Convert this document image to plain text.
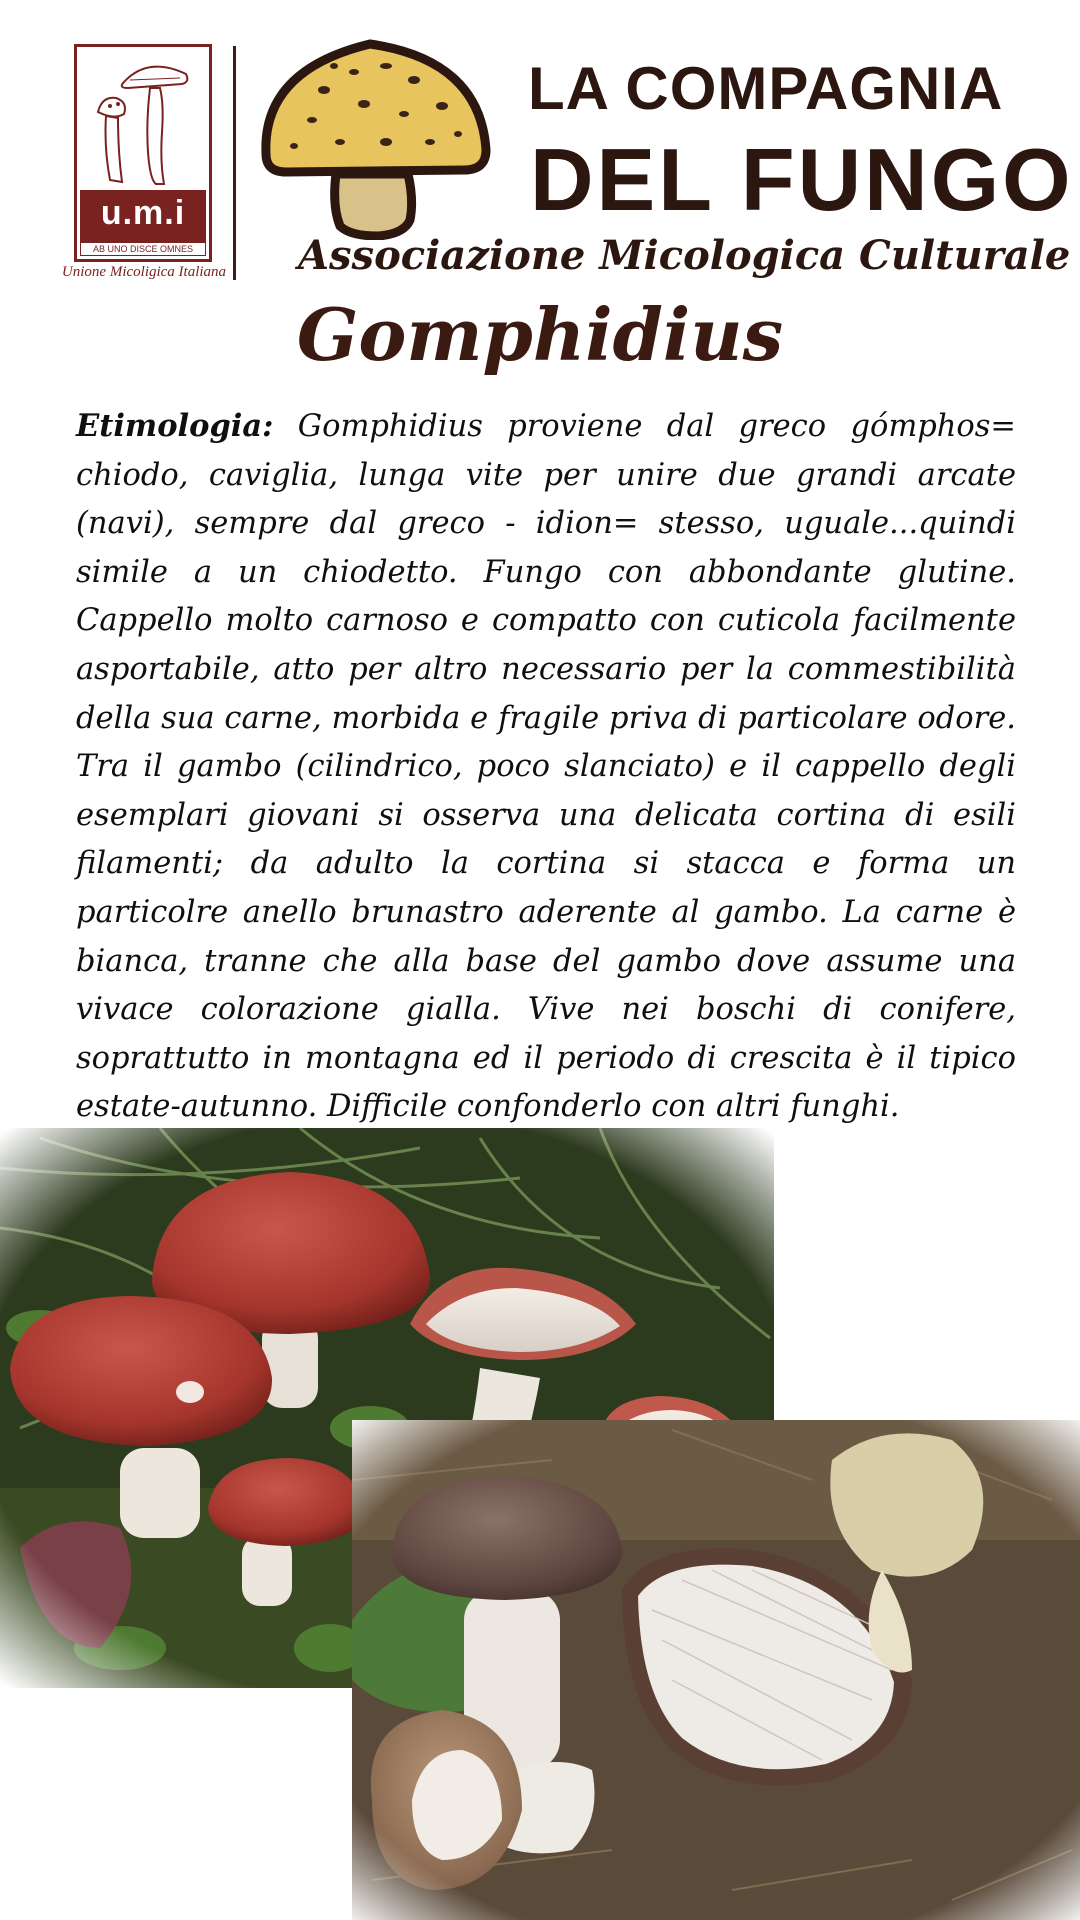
u.m.i
AB UNO DISCE OMNES
Unione Micoligica Italiana
LA COMPAGNIA
DEL FUNGO
Associazione Micologica Culturale
Gomphidius
Etimologia: Gomphidius proviene dal greco gómphos= chiodo, caviglia, lunga vite per unire due grandi arcate (navi), sempre dal greco - idion= stesso, uguale...quindi simile a un chiodetto. Fungo con abbondante glutine. Cappello molto carnoso e compatto con cuticola facilmente asportabile, atto per altro necessario per la commestibilità della sua carne, morbida e fragile priva di particolare odore. Tra il gambo (cilindrico, poco slanciato) e il cappello degli esemplari giovani si osserva una delicata cortina di esili filamenti; da adulto la cortina si stacca e forma un particolre anello brunastro aderente al gambo. La carne è bianca, tranne che alla base del gambo dove assume una vivace colorazione gialla. Vive nei boschi di conifere, soprattutto in montagna ed il periodo di crescita è il tipico estate-autunno. Difficile confonderlo con altri funghi.
